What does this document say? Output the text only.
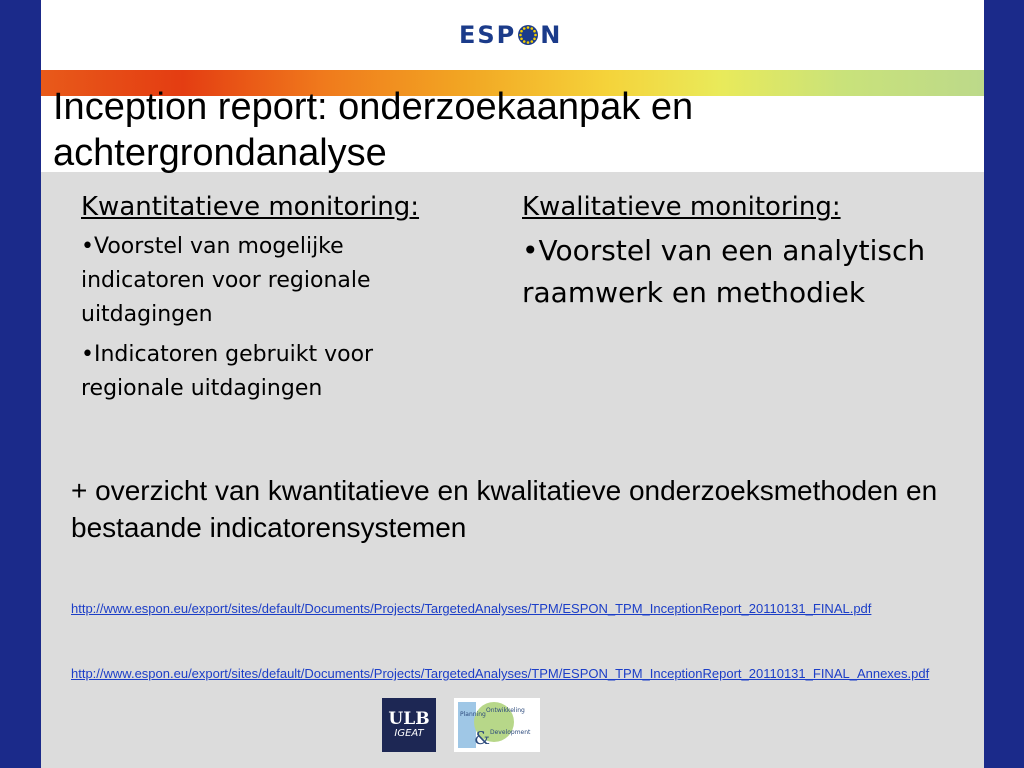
ESP N
Inception report: onderzoekaanpak en achtergrondanalyse

Kwantitatieve monitoring:

•Voorstel van mogelijke indicatoren voor regionale uitdagingen

•Indicatoren gebruikt voor regionale uitdagingen

Kwalitatieve monitoring:

•Voorstel van een analytisch raamwerk en methodiek

+ overzicht van kwantitatieve en kwalitatieve onderzoeksmethoden en bestaande indicatorensystemen
http://www.espon.eu/export/sites/default/Documents/Projects/TargetedAnalyses/TPM/ESPON_TPM_InceptionReport_20110131_FINAL.pdf
http://www.espon.eu/export/sites/default/Documents/Projects/TargetedAnalyses/TPM/ESPON_TPM_InceptionReport_20110131_FINAL_Annexes.pdf
ULB
IGEAT
Planning
Ontwikkeling
Development
&
